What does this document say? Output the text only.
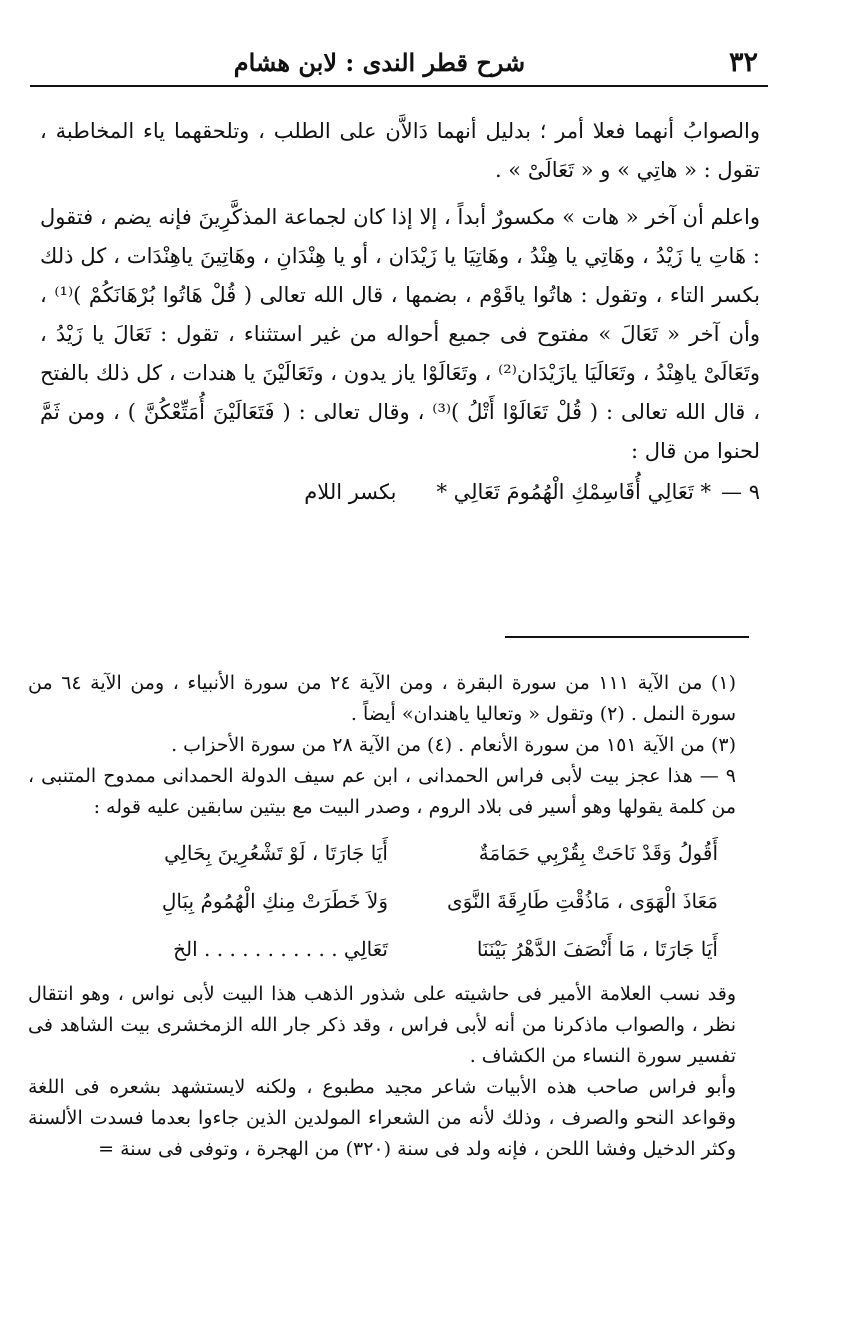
٣٢
شرح قطر الندى : لابن هشام

والصوابُ أنهما فعلا أمر ؛ بدليل أنهما دَالاَّن على الطلب ، وتلحقهما ياء المخاطبة ، تقول : « هاتِي » و « تَعَالَىْ » .

واعلم أن آخر « هات » مكسورٌ أبداً ، إلا إذا كان لجماعة المذكَّرِينَ فإنه يضم ، فتقول : هَاتِ يا زَيْدُ ، وهَاتِي يا هِنْدُ ، وهَاتِيَا يا زَيْدَان ، أو يا هِنْدَانِ ، وهَاتِينَ ياهِنْدَات ، كل ذلك بكسر التاء ، وتقول : هاتُوا ياقَوْم ، بضمها ، قال الله تعالى ( قُلْ هَاتُوا بُرْهَانَكُمْ )⁽¹⁾ ، وأن آخر « تَعَالَ » مفتوح فى جميع أحواله من غير استثناء ، تقول : تَعَالَ يا زَيْدُ ، وتَعَالَىْ ياهِنْدُ ، وتَعَالَيَا يازَيْدَان⁽²⁾ ، وتَعَالَوْا ياز يدون ، وتَعَالَيْنَ يا هندات ، كل ذلك بالفتح ، قال الله تعالى : ( قُلْ تَعَالَوْا أَتْلُ )⁽³⁾ ، وقال تعالى : ( فَتَعَالَيْنَ أُمَتِّعْكُنَّ ) ، ومن ثَمَّ لحنوا من قال :

٩ —
* تَعَالِي أُقَاسِمْكِ الْهُمُومَ تَعَالِي *
بكسر اللام

(١) من الآية ١١١ من سورة البقرة ، ومن الآية ٢٤ من سورة الأنبياء ، ومن الآية ٦٤ من سورة النمل . (٢) وتقول « وتعاليا ياهندان» أيضاً .

(٣) من الآية ١٥١ من سورة الأنعام . (٤) من الآية ٢٨ من سورة الأحزاب .

٩ — هذا عجز بيت لأبى فراس الحمدانى ، ابن عم سيف الدولة الحمدانى ممدوح المتنبى ، من كلمة يقولها وهو أسير فى بلاد الروم ، وصدر البيت مع بيتين سابقين عليه قوله :

أَقُولُ وَقَدْ نَاحَتْ بِقُرْبِي حَمَامَةٌ
أَيَا جَارَتَا ، لَوْ تَشْعُرِينَ بِحَالِي
مَعَاذَ الْهَوَى ، مَاذُقْتِ طَارِقَةَ النَّوَى
وَلاَ خَطَرَتْ مِنكِ الْهُمُومُ بِبَالِ
أَيَا جَارَتَا ، مَا أَنْصَفَ الدَّهْرُ بَيْنَنَا
تَعَالِي . . . . . . . . . . . الخ

وقد نسب العلامة الأمير فى حاشيته على شذور الذهب هذا البيت لأبى نواس ، وهو انتقال نظر ، والصواب ماذكرنا من أنه لأبى فراس ، وقد ذكر جار الله الزمخشرى بيت الشاهد فى تفسير سورة النساء من الكشاف .

وأبو فراس صاحب هذه الأبيات شاعر مجيد مطبوع ، ولكنه لايستشهد بشعره فى اللغة وقواعد النحو والصرف ، وذلك لأنه من الشعراء المولدين الذين جاءوا بعدما فسدت الألسنة وكثر الدخيل وفشا اللحن ، فإنه ولد فى سنة (٣٢٠) من الهجرة ، وتوفى فى سنة =
